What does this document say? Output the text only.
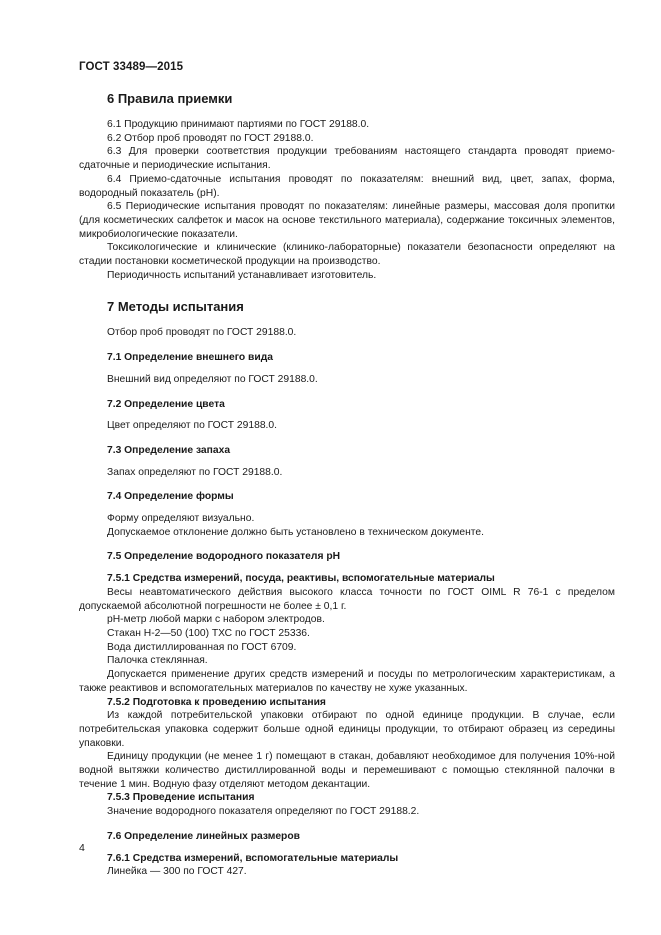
ГОСТ 33489—2015
6 Правила приемки

6.1 Продукцию принимают партиями по ГОСТ 29188.0.

6.2 Отбор проб проводят по ГОСТ 29188.0.

6.3 Для проверки соответствия продукции требованиям настоящего стандарта проводят приемо-сдаточные и периодические испытания.

6.4 Приемо-сдаточные испытания проводят по показателям: внешний вид, цвет, запах, форма, водородный показатель (рН).

6.5 Периодические испытания проводят по показателям: линейные размеры, массовая доля пропитки (для косметических салфеток и масок на основе текстильного материала), содержание токсичных элементов, микробиологические показатели.

Токсикологические и клинические (клинико-лабораторные) показатели безопасности определяют на стадии постановки косметической продукции на производство.

Периодичность испытаний устанавливает изготовитель.

7 Методы испытания

Отбор проб проводят по ГОСТ 29188.0.

7.1 Определение внешнего вида

Внешний вид определяют по ГОСТ 29188.0.

7.2 Определение цвета

Цвет определяют по ГОСТ 29188.0.

7.3 Определение запаха

Запах определяют по ГОСТ 29188.0.

7.4 Определение формы

Форму определяют визуально.

Допускаемое отклонение должно быть установлено в техническом документе.

7.5 Определение водородного показателя рН
7.5.1 Средства измерений, посуда, реактивы, вспомогательные материалы

Весы неавтоматического действия высокого класса точности по ГОСТ OIML R 76-1 с пределом допускаемой абсолютной погрешности не более ± 0,1 г.

рН-метр любой марки с набором электродов.

Стакан Н-2—50 (100) ТХС по ГОСТ 25336.

Вода дистиллированная по ГОСТ 6709.

Палочка стеклянная.

Допускается применение других средств измерений и посуды по метрологическим характеристикам, а также реактивов и вспомогательных материалов по качеству не хуже указанных.

7.5.2 Подготовка к проведению испытания

Из каждой потребительской упаковки отбирают по одной единице продукции. В случае, если потребительская упаковка содержит больше одной единицы продукции, то отбирают образец из середины упаковки.

Единицу продукции (не менее 1 г) помещают в стакан, добавляют необходимое для получения 10%-ной водной вытяжки количество дистиллированной воды и перемешивают с помощью стеклянной палочки в течение 1 мин. Водную фазу отделяют методом декантации.

7.5.3 Проведение испытания

Значение водородного показателя определяют по ГОСТ 29188.2.

7.6 Определение линейных размеров
7.6.1 Средства измерений, вспомогательные материалы

Линейка — 300 по ГОСТ 427.

4
